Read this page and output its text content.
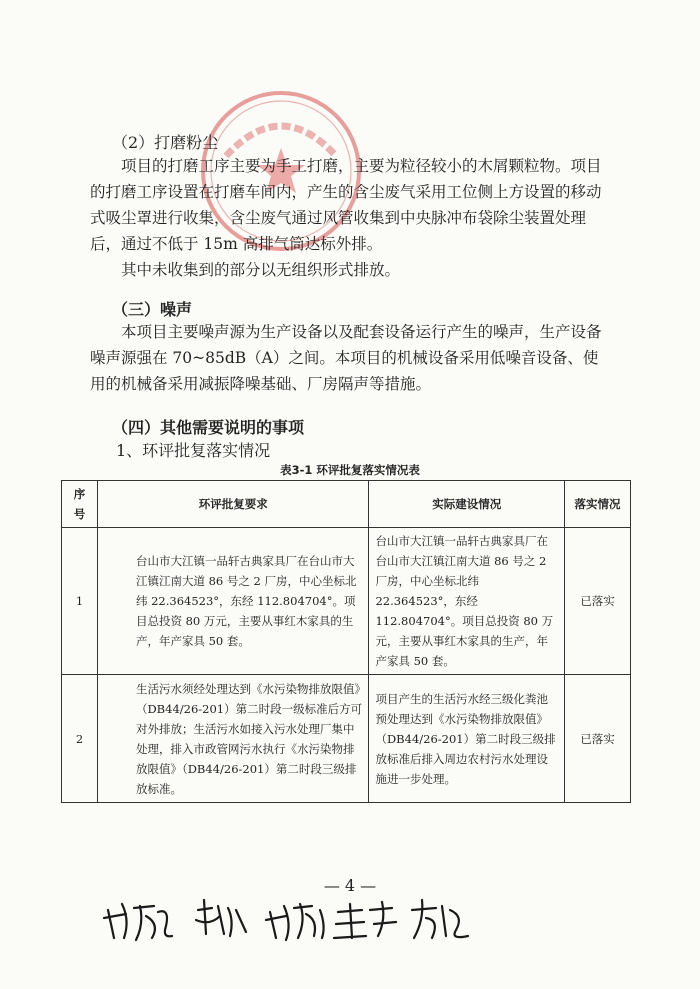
（2）打磨粉尘

项目的打磨工序主要为手工打磨，主要为粒径较小的木屑颗粒物。项目的打磨工序设置在打磨车间内，产生的含尘废气采用工位侧上方设置的移动式吸尘罩进行收集，含尘废气通过风管收集到中央脉冲布袋除尘装置处理后，通过不低于 15m 高排气筒达标外排。

其中未收集到的部分以无组织形式排放。

（三）噪声

本项目主要噪声源为生产设备以及配套设备运行产生的噪声，生产设备噪声源强在 70~85dB（A）之间。本项目的机械设备采用低噪音设备、使用的机械备采用减振降噪基础、厂房隔声等措施。

（四）其他需要说明的事项

1、环评批复落实情况

表3-1 环评批复落实情况表
序号	环评批复要求	实际建设情况	落实情况
1	台山市大江镇一品轩古典家具厂在台山市大江镇江南大道 86 号之 2 厂房，中心坐标北纬 22.364523°，东经 112.804704°。项目总投资 80 万元，主要从事红木家具的生产，年产家具 50 套。	台山市大江镇一品轩古典家具厂在台山市大江镇江南大道 86 号之 2 厂房，中心坐标北纬 22.364523°，东经 112.804704°。项目总投资 80 万元，主要从事红木家具的生产，年产家具 50 套。	已落实
2	生活污水须经处理达到《水污染物排放限值》（DB44/26-201）第二时段一级标准后方可对外排放；生活污水如接入污水处理厂集中处理，排入市政管网污水执行《水污染物排放限值》（DB44/26-201）第二时段三级排放标准。	项目产生的生活污水经三级化粪池预处理达到《水污染物排放限值》（DB44/26-201）第二时段三级排放标准后排入周边农村污水处理设施进一步处理。	已落实
— 4 —
